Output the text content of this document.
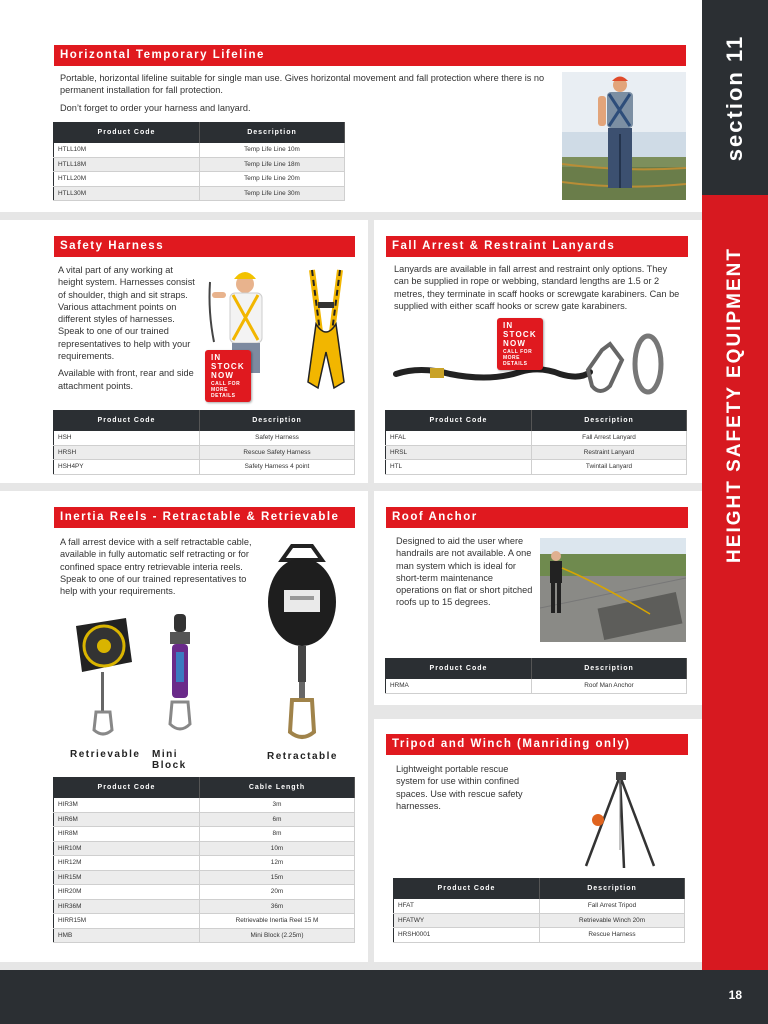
section 11
HEIGHT SAFETY EQUIPMENT
Horizontal Temporary Lifeline

Portable, horizontal lifeline suitable for single man use. Gives horizontal movement and fall protection where there is no permanent installation for fall protection.

Don’t forget to order your harness and lanyard.

Product Code	Description
HTLL10M	Temp Life Line 10m
HTLL18M	Temp Life Line 18m
HTLL20M	Temp Life Line 20m
HTLL30M	Temp Life Line 30m
Safety Harness

A vital part of any working at height system. Harnesses consist of shoulder, thigh and sit straps. Various attachment points on different styles of harnesses. Speak to one of our trained representatives to help with your requirements.

Available with front, rear and side attachment points.

IN STOCK NOW
CALL FOR MORE DETAILS
Product Code	Description
HSH	Safety Harness
HRSH	Rescue Safety Harness
HSH4PY	Safety Harness 4 point
Fall Arrest & Restraint Lanyards

Lanyards are available in fall arrest and restraint only options. They can be supplied in rope or webbing, standard lengths are 1.5 or 2 metres, they terminate in scaff hooks or screwgate karabiners. Can be supplied with either scaff hooks or screw gate karabiners.

IN STOCK NOW
CALL FOR MORE DETAILS
Product Code	Description
HFAL	Fall Arrest Lanyard
HRSL	Restraint Lanyard
HTL	Twintail Lanyard
Inertia Reels - Retractable & Retrievable

A fall arrest device with a self retractable cable, available in fully automatic self retracting or for confined space entry retrievable interia reels. Speak to one of our trained representatives to help with your requirements.

Retrievable Mini Block
Retractable
Product Code	Cable Length
HIR3M	3m
HIR6M	6m
HIR8M	8m
HIR10M	10m
HIR12M	12m
HIR15M	15m
HIR20M	20m
HIR36M	36m
HIRR15M	Retrievable Inertia Reel 15 M
HMB	Mini Block (2.25m)
Roof Anchor

Designed to aid the user where handrails are not available. A one man system which is ideal for short-term maintenance operations on flat or short pitched roofs up to 15 degrees.

Product Code	Description
HRMA	Roof Man Anchor
Tripod and Winch (Manriding only)

Lightweight portable rescue system for use within confined spaces. Use with rescue safety harnesses.

Product Code	Description
HFAT	Fall Arrest Tripod
HFATWY	Retrievable Winch 20m
HRSH0001	Rescue Harness
18
